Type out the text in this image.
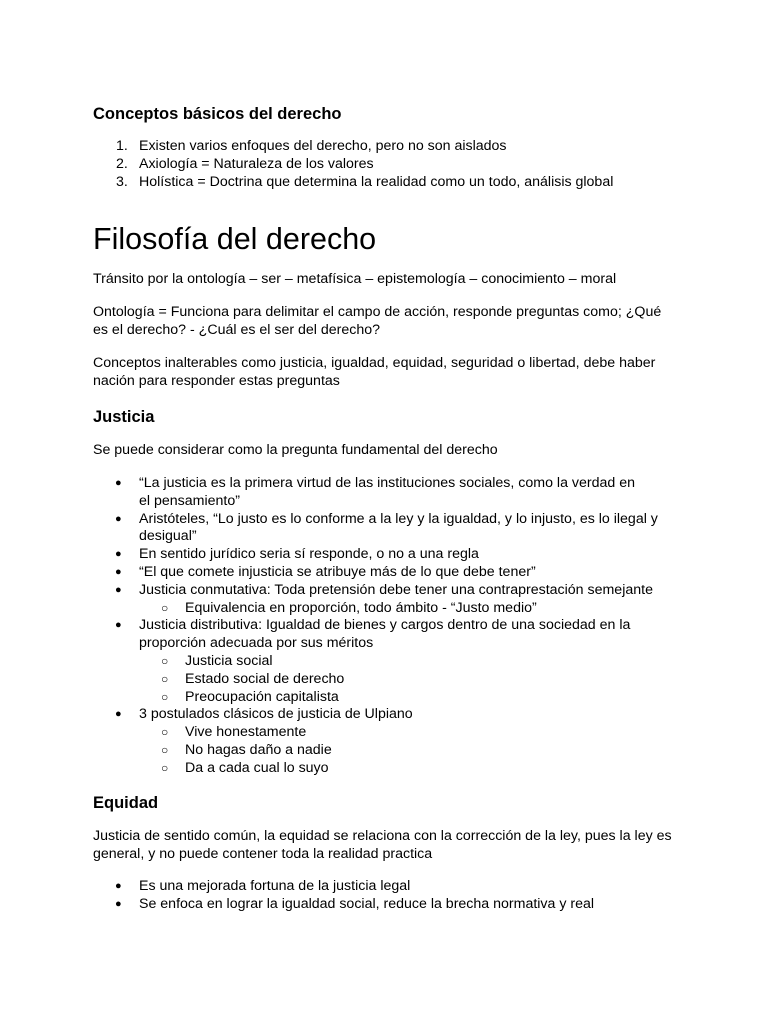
Conceptos básicos del derecho
1. Existen varios enfoques del derecho, pero no son aislados
2. Axiología = Naturaleza de los valores
3. Holística = Doctrina que determina la realidad como un todo, análisis global
Filosofía del derecho

Tránsito por la ontología – ser – metafísica – epistemología – conocimiento – moral

Ontología = Funciona para delimitar el campo de acción, responde preguntas como; ¿Qué es el derecho? - ¿Cuál es el ser del derecho?

Conceptos inalterables como justicia, igualdad, equidad, seguridad o libertad, debe haber nación para responder estas preguntas

Justicia

Se puede considerar como la pregunta fundamental del derecho

● “La justicia es la primera virtud de las instituciones sociales, como la verdad en el pensamiento”
● Aristóteles, “Lo justo es lo conforme a la ley y la igualdad, y lo injusto, es lo ilegal y desigual”
● En sentido jurídico seria sí responde, o no a una regla
● “El que comete injusticia se atribuye más de lo que debe tener”
● Justicia conmutativa: Toda pretensión debe tener una contraprestación semejante
○ Equivalencia en proporción, todo ámbito - “Justo medio”
● Justicia distributiva: Igualdad de bienes y cargos dentro de una sociedad en la proporción adecuada por sus méritos
○ Justicia social
○ Estado social de derecho
○ Preocupación capitalista
● 3 postulados clásicos de justicia de Ulpiano
○ Vive honestamente
○ No hagas daño a nadie
○ Da a cada cual lo suyo
Equidad

Justicia de sentido común, la equidad se relaciona con la corrección de la ley, pues la ley es general, y no puede contener toda la realidad practica

● Es una mejorada fortuna de la justicia legal
● Se enfoca en lograr la igualdad social, reduce la brecha normativa y real
